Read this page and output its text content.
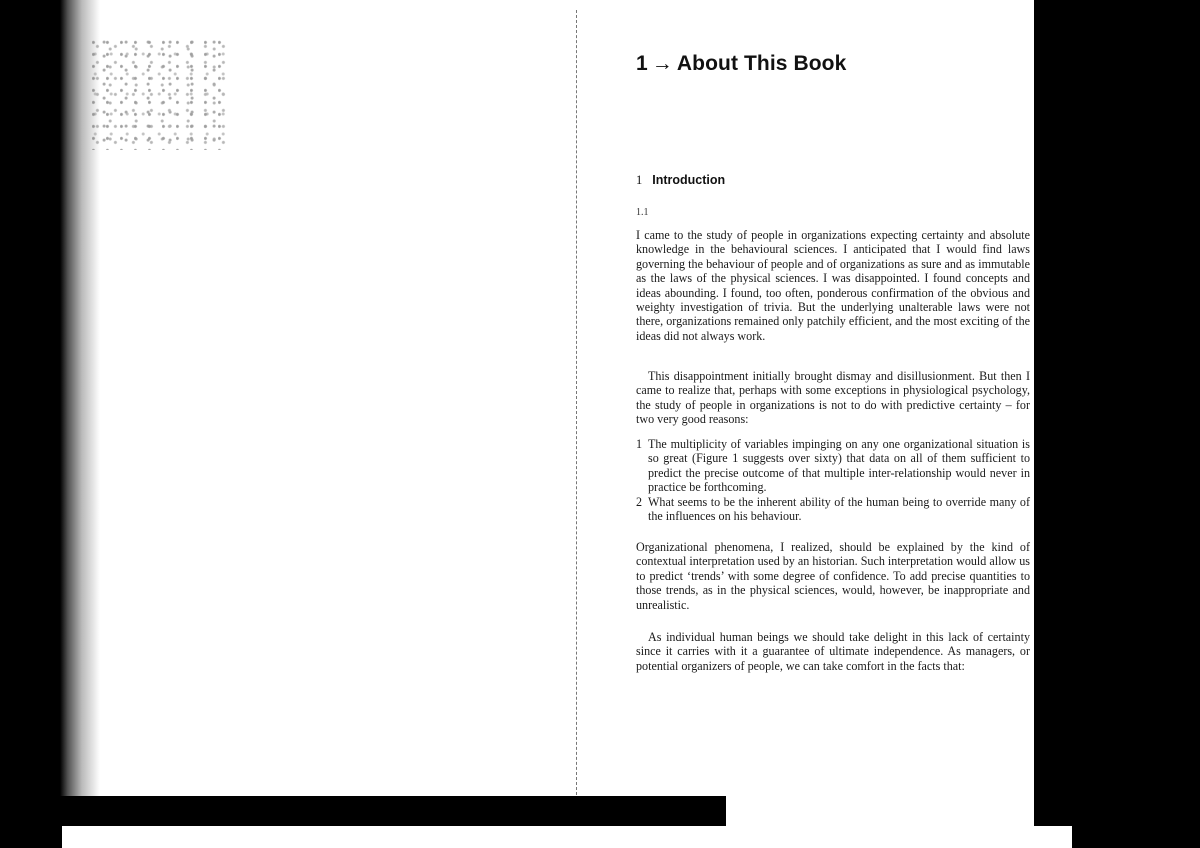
1 → About This Book
1 Introduction
1.1

I came to the study of people in organizations expecting certainty and absolute knowledge in the behavioural sciences. I anticipated that I would find laws governing the behaviour of people and of organizations as sure and as immutable as the laws of the physical sciences. I was disappointed. I found concepts and ideas abounding. I found, too often, ponderous confirmation of the obvious and weighty investigation of trivia. But the underlying unalterable laws were not there, organizations remained only patchily efficient, and the most exciting of the ideas did not always work.

This disappointment initially brought dismay and disillusionment. But then I came to realize that, perhaps with some exceptions in physiological psychology, the study of people in organizations is not to do with predictive certainty – for two very good reasons:

1 The multiplicity of variables impinging on any one organizational situation is so great (Figure 1 suggests over sixty) that data on all of them sufficient to predict the precise outcome of that multiple inter-relationship would never in practice be forthcoming.
2 What seems to be the inherent ability of the human being to override many of the influences on his behaviour.

Organizational phenomena, I realized, should be explained by the kind of contextual interpretation used by an historian. Such interpretation would allow us to predict ‘trends’ with some degree of confidence. To add precise quantities to those trends, as in the physical sciences, would, however, be inappropriate and unrealistic.

As individual human beings we should take delight in this lack of certainty since it carries with it a guarantee of ultimate independence. As managers, or potential organizers of people, we can take comfort in the facts that:
